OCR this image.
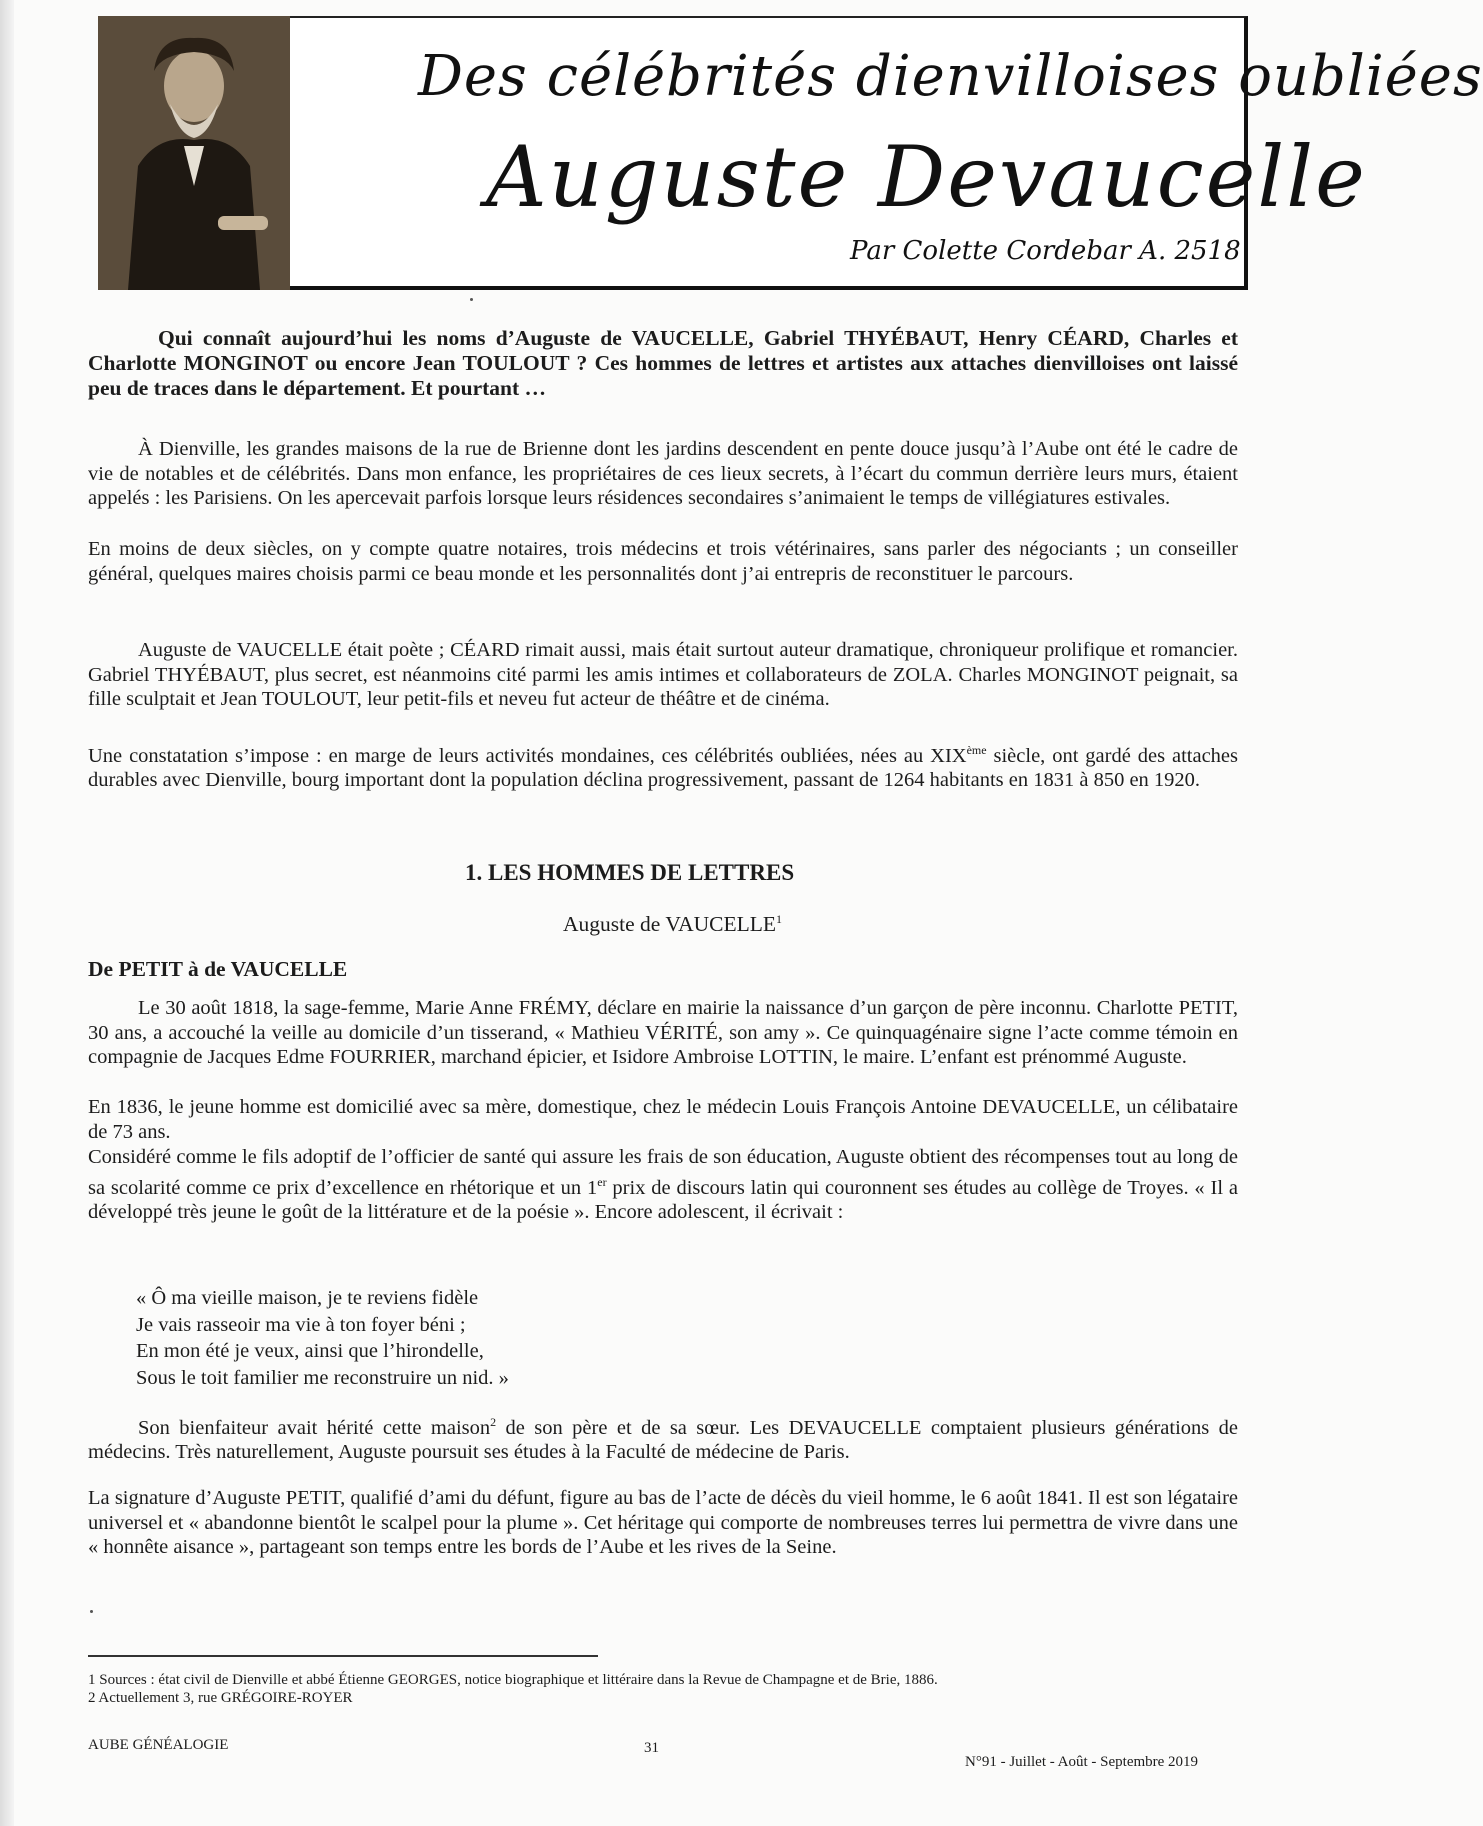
Des célébrités dienvilloises oubliées
Auguste Devaucelle
Par Colette Cordebar A. 2518
Qui connaît aujourd’hui les noms d’Auguste de VAUCELLE, Gabriel THYÉBAUT, Henry CÉARD, Charles et Charlotte MONGINOT ou encore Jean TOULOUT ? Ces hommes de lettres et artistes aux attaches dienvilloises ont laissé peu de traces dans le département. Et pourtant …
À Dienville, les grandes maisons de la rue de Brienne dont les jardins descendent en pente douce jusqu’à l’Aube ont été le cadre de vie de notables et de célébrités. Dans mon enfance, les propriétaires de ces lieux secrets, à l’écart du commun derrière leurs murs, étaient appelés : les Parisiens. On les apercevait parfois lorsque leurs résidences secondaires s’animaient le temps de villégiatures estivales.
En moins de deux siècles, on y compte quatre notaires, trois médecins et trois vétérinaires, sans parler des négociants ; un conseiller général, quelques maires choisis parmi ce beau monde et les personnalités dont j’ai entrepris de reconstituer le parcours.
Auguste de VAUCELLE était poète ; CÉARD rimait aussi, mais était surtout auteur dramatique, chroniqueur prolifique et romancier. Gabriel THYÉBAUT, plus secret, est néanmoins cité parmi les amis intimes et collaborateurs de ZOLA. Charles MONGINOT peignait, sa fille sculptait et Jean TOULOUT, leur petit-fils et neveu fut acteur de théâtre et de cinéma.
Une constatation s’impose : en marge de leurs activités mondaines, ces célébrités oubliées, nées au XIXème siècle, ont gardé des attaches durables avec Dienville, bourg important dont la population déclina progressivement, passant de 1264 habitants en 1831 à 850 en 1920.
1. LES HOMMES DE LETTRES
Auguste de VAUCELLE$^1$
De PETIT à de VAUCELLE
Le 30 août 1818, la sage-femme, Marie Anne FRÉMY, déclare en mairie la naissance d’un garçon de père inconnu. Charlotte PETIT, 30 ans, a accouché la veille au domicile d’un tisserand, « Mathieu VÉRITÉ, son amy ». Ce quinquagénaire signe l’acte comme témoin en compagnie de Jacques Edme FOURRIER, marchand épicier, et Isidore Ambroise LOTTIN, le maire. L’enfant est prénommé Auguste.
En 1836, le jeune homme est domicilié avec sa mère, domestique, chez le médecin Louis François Antoine DEVAUCELLE, un célibataire de 73 ans.
Considéré comme le fils adoptif de l’officier de santé qui assure les frais de son éducation, Auguste obtient des récompenses tout au long de sa scolarité comme ce prix d’excellence en rhétorique et un 1er prix de discours latin qui couronnent ses études au collège de Troyes. « Il a développé très jeune le goût de la littérature et de la poésie ». Encore adolescent, il écrivait :
« Ô ma vieille maison, je te reviens fidèle
Je vais rasseoir ma vie à ton foyer béni ;
En mon été je veux, ainsi que l’hirondelle,
Sous le toit familier me reconstruire un nid. »
Son bienfaiteur avait hérité cette maison$^2$ de son père et de sa sœur. Les DEVAUCELLE comptaient plusieurs générations de médecins. Très naturellement, Auguste poursuit ses études à la Faculté de médecine de Paris.
La signature d’Auguste PETIT, qualifié d’ami du défunt, figure au bas de l’acte de décès du vieil homme, le 6 août 1841. Il est son légataire universel et « abandonne bientôt le scalpel pour la plume ». Cet héritage qui comporte de nombreuses terres lui permettra de vivre dans une « honnête aisance », partageant son temps entre les bords de l’Aube et les rives de la Seine.
1 Sources : état civil de Dienville et abbé Étienne GEORGES, notice biographique et littéraire dans la Revue de Champagne et de Brie, 1886.
2 Actuellement 3, rue GRÉGOIRE-ROYER
AUBE GÉNÉALOGIE	31
N°91 - Juillet - Août - Septembre 2019
